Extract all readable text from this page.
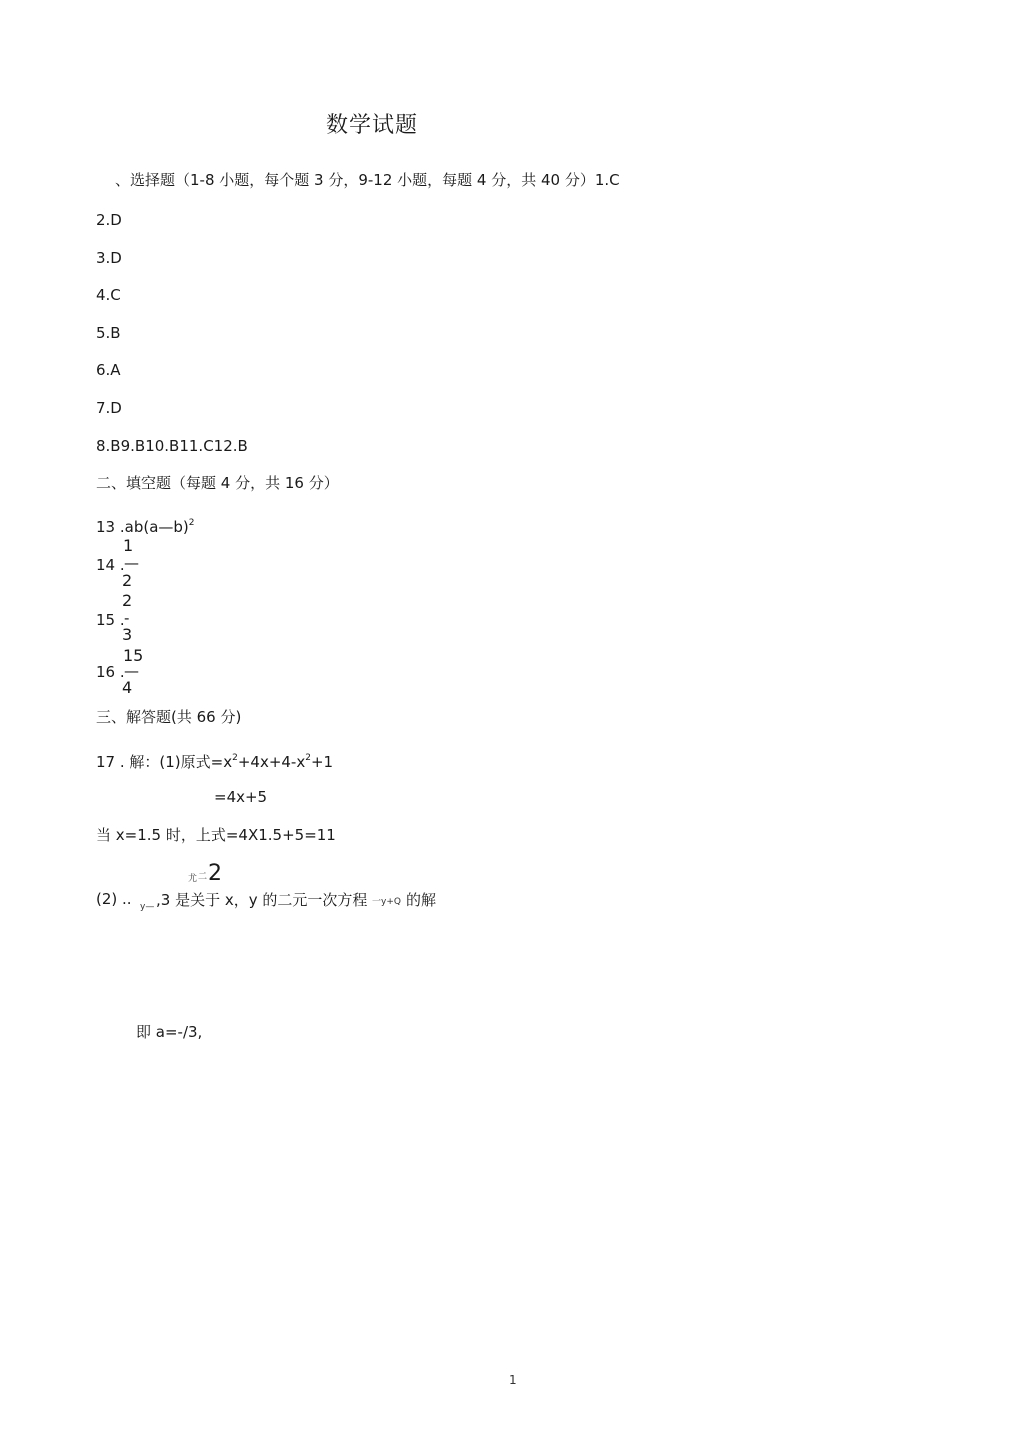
数学试题
、选择题（1-8 小题，每个题 3 分，9-12 小题，每题 4 分，共 40 分）1.C
2.D
3.D
4.C
5.B
6.A
7.D
8.B9.B10.B11.C12.B
二、填空题（每题 4 分，共 16 分）
13 .ab(a—b)$^2$
14 .
1
—
2
15 .
2
-
3
16 .
15
—
4
三、解答题(共 66 分)
17 . 解：(1)原式$=x^2+4x+4-x^2+1$
=4x+5
当 x=1.5 时，上式=4X1.5+5=11
尤 二 2
(2) .. y— ,3 是关于 x，y 的二元一次方程 一y+Q 的解
即 a=-/3,
1
